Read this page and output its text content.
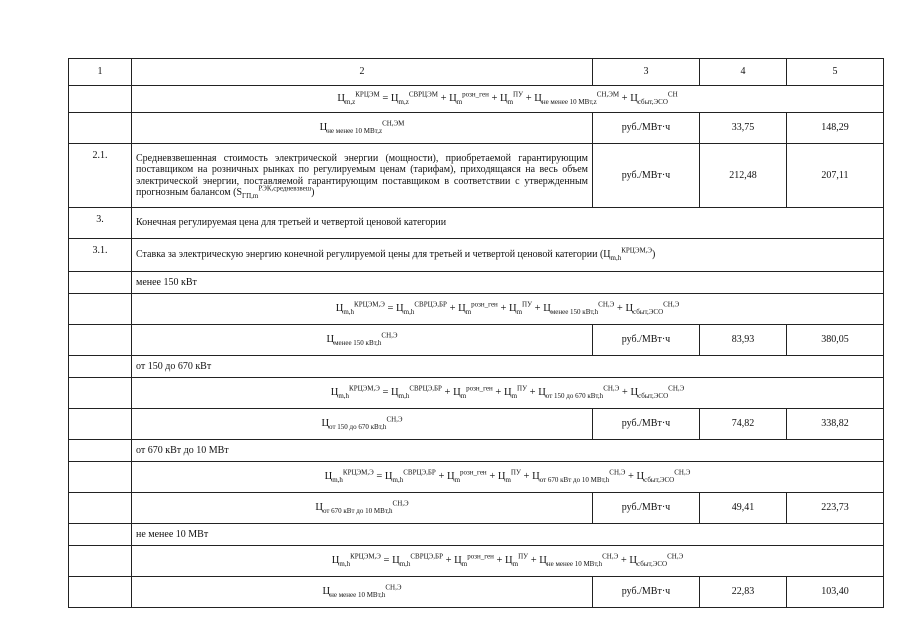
1	2	3	4	5
	$Ц_{m,z}^{КРЦЭМ} = Ц_{m,z}^{СВРЦЭМ} + Ц_m^{розн\_ген} + Ц_m^{ПУ} + Ц_{не менее 10 МВт,z}^{СН,ЭМ} + Ц_{сбыт,ЭСО}^{СН}$
	$Ц_{не менее 10 МВт,z}^{СН,ЭМ}$	руб./МВт·ч	33,75	148,29
2.1.	Средневзвешенная стоимость электрической энергии (мощности), приобретаемой гарантирующим поставщиком на розничных рынках по регулируемым ценам (тарифам), приходящаяся на весь объем электрической энергии, поставляемой гарантирующим поставщиком в соответствии с утвержденным прогнозным балансом $(S_{ГП,m}^{РЭК,средневзвеш})$	руб./МВт·ч	212,48	207,11
3.	Конечная регулируемая цена для третьей и четвертой ценовой категории			
3.1.	Ставка за электрическую энергию конечной регулируемой цены для третьей и четвертой ценовой категории $(Ц_{m,h}^{КРЦЭМ,Э})$			
	менее 150 кВт			
	$Ц_{m,h}^{КРЦЭМ,Э} = Ц_{m,h}^{СВРЦЭ,БР} + Ц_m^{розн\_ген} + Ц_m^{ПУ} + Ц_{менее 150 кВт,h}^{СН,Э} + Ц_{сбыт,ЭСО}^{СН,Э}$
	$Ц_{менее 150 кВт,h}^{СН,Э}$	руб./МВт·ч	83,93	380,05
	от 150 до 670 кВт			
	$Ц_{m,h}^{КРЦЭМ,Э} = Ц_{m,h}^{СВРЦЭ,БР} + Ц_m^{розн\_ген} + Ц_m^{ПУ} + Ц_{от 150 до 670 кВт,h}^{СН,Э} + Ц_{сбыт,ЭСО}^{СН,Э}$
	$Ц_{от 150 до 670 кВт,h}^{СН,Э}$	руб./МВт·ч	74,82	338,82
	от 670 кВт до 10 МВт			
	$Ц_{m,h}^{КРЦЭМ,Э} = Ц_{m,h}^{СВРЦЭ,БР} + Ц_m^{розн\_ген} + Ц_m^{ПУ} + Ц_{от 670 кВт до 10 МВт,h}^{СН,Э} + Ц_{сбыт,ЭСО}^{СН,Э}$
	$Ц_{от 670 кВт до 10 МВт,h}^{СН,Э}$	руб./МВт·ч	49,41	223,73
	не менее 10 МВт			
	$Ц_{m,h}^{КРЦЭМ,Э} = Ц_{m,h}^{СВРЦЭ,БР} + Ц_m^{розн\_ген} + Ц_m^{ПУ} + Ц_{не менее 10 МВт,h}^{СН,Э} + Ц_{сбыт,ЭСО}^{СН,Э}$
	$Ц_{не менее 10 МВт,h}^{СН,Э}$	руб./МВт·ч	22,83	103,40
